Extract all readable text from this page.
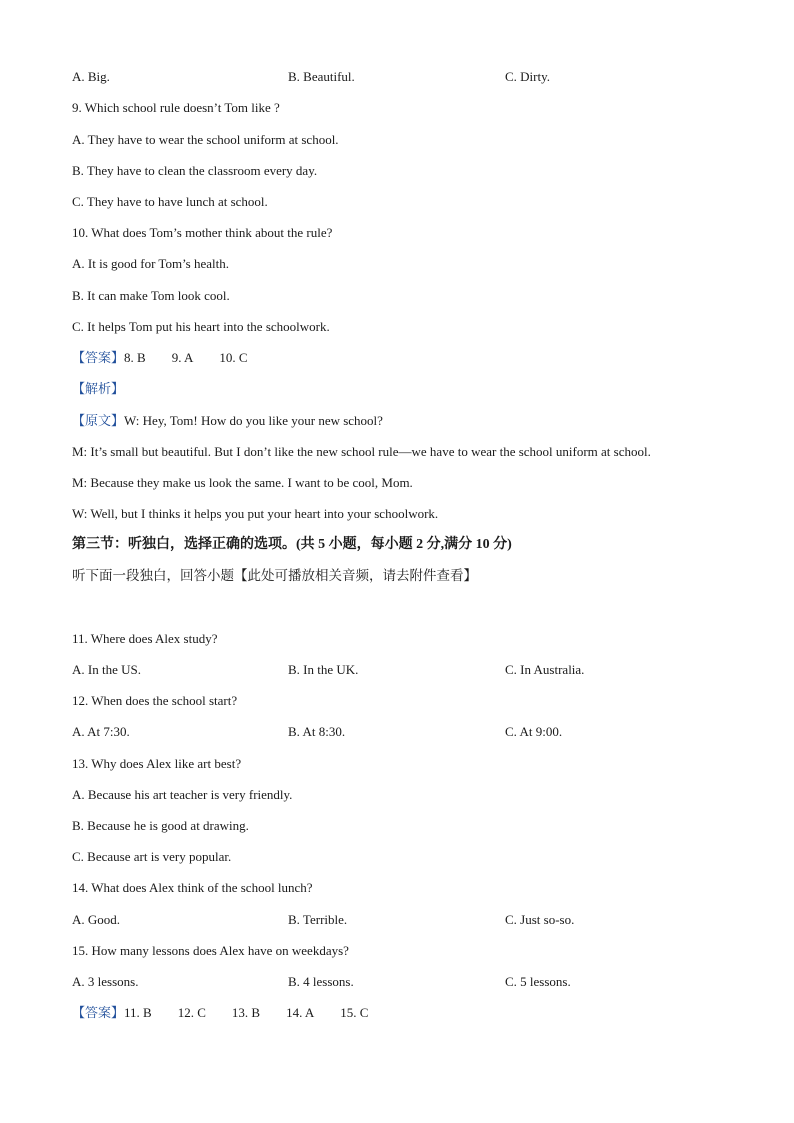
A. Big.	B. Beautiful.	C. Dirty.
9. Which school rule doesn’t Tom like ?
A. They have to wear the school uniform at school.
B. They have to clean the classroom every day.
C. They have to have lunch at school.
10. What does Tom’s mother think about the rule?
A. It is good for Tom’s health.
B. It can make Tom look cool.
C. It helps Tom put his heart into the schoolwork.
【答案】8. B 9. A 10. C
【解析】
【原文】W: Hey, Tom! How do you like your new school?
M: It’s small but beautiful. But I don’t like the new school rule—we have to wear the school uniform at school.
M: Because they make us look the same. I want to be cool, Mom.
W: Well, but I thinks it helps you put your heart into your schoolwork.
第三节：听独白，选择正确的选项。(共 5 小题，每小题 2 分,满分 10 分)
听下面一段独白，回答小题【此处可播放相关音频，请去附件查看】
11. Where does Alex study?
A. In the US.	B. In the UK.	C. In Australia.
12. When does the school start?
A. At 7:30.	B. At 8:30.	C. At 9:00.
13. Why does Alex like art best?
A. Because his art teacher is very friendly.
B. Because he is good at drawing.
C. Because art is very popular.
14. What does Alex think of the school lunch?
A. Good.	B. Terrible.	C. Just so-so.
15. How many lessons does Alex have on weekdays?
A. 3 lessons.	B. 4 lessons.	C. 5 lessons.
【答案】11. B 12. C 13. B 14. A 15. C
